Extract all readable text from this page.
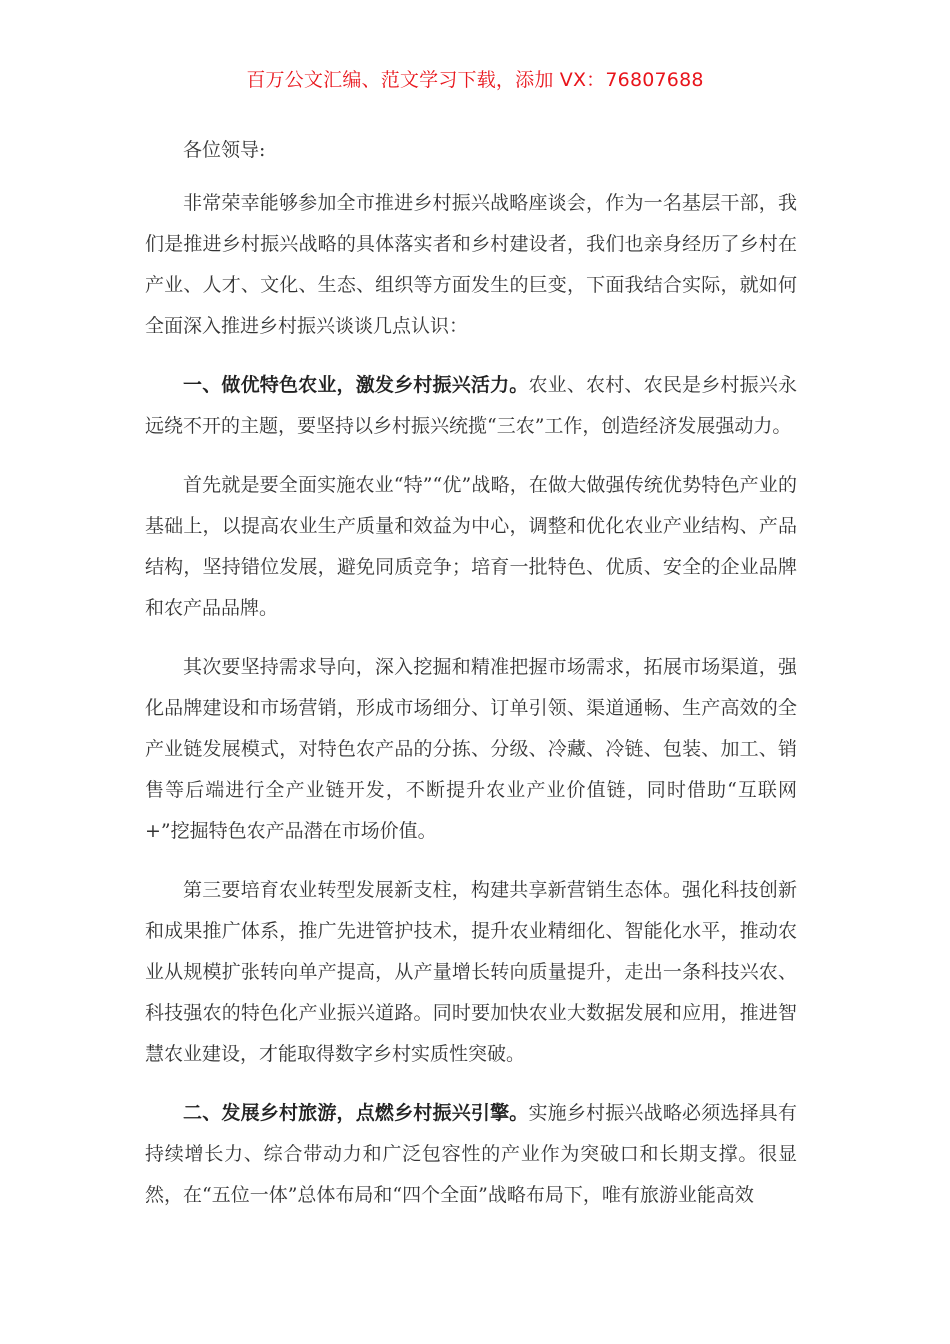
百万公文汇编、范文学习下载，添加 VX：76807688

各位领导:

非常荣幸能够参加全市推进乡村振兴战略座谈会，作为一名基层干部，我们是推进乡村振兴战略的具体落实者和乡村建设者，我们也亲身经历了乡村在产业、人才、文化、生态、组织等方面发生的巨变，下面我结合实际，就如何全面深入推进乡村振兴谈谈几点认识：

一、做优特色农业，激发乡村振兴活力。农业、农村、农民是乡村振兴永远绕不开的主题，要坚持以乡村振兴统揽“三农”工作，创造经济发展强动力。

首先就是要全面实施农业“特”“优”战略，在做大做强传统优势特色产业的基础上，以提高农业生产质量和效益为中心，调整和优化农业产业结构、产品结构，坚持错位发展，避免同质竞争；培育一批特色、优质、安全的企业品牌和农产品品牌。

其次要坚持需求导向，深入挖掘和精准把握市场需求，拓展市场渠道，强化品牌建设和市场营销，形成市场细分、订单引领、渠道通畅、生产高效的全产业链发展模式，对特色农产品的分拣、分级、冷藏、冷链、包装、加工、销售等后端进行全产业链开发，不断提升农业产业价值链，同时借助“互联网+”挖掘特色农产品潜在市场价值。

第三要培育农业转型发展新支柱，构建共享新营销生态体。强化科技创新和成果推广体系，推广先进管护技术，提升农业精细化、智能化水平，推动农业从规模扩张转向单产提高，从产量增长转向质量提升，走出一条科技兴农、科技强农的特色化产业振兴道路。同时要加快农业大数据发展和应用，推进智慧农业建设，才能取得数字乡村实质性突破。

二、发展乡村旅游，点燃乡村振兴引擎。实施乡村振兴战略必须选择具有持续增长力、综合带动力和广泛包容性的产业作为突破口和长期支撑。很显然，在“五位一体”总体布局和“四个全面”战略布局下，唯有旅游业能高效
